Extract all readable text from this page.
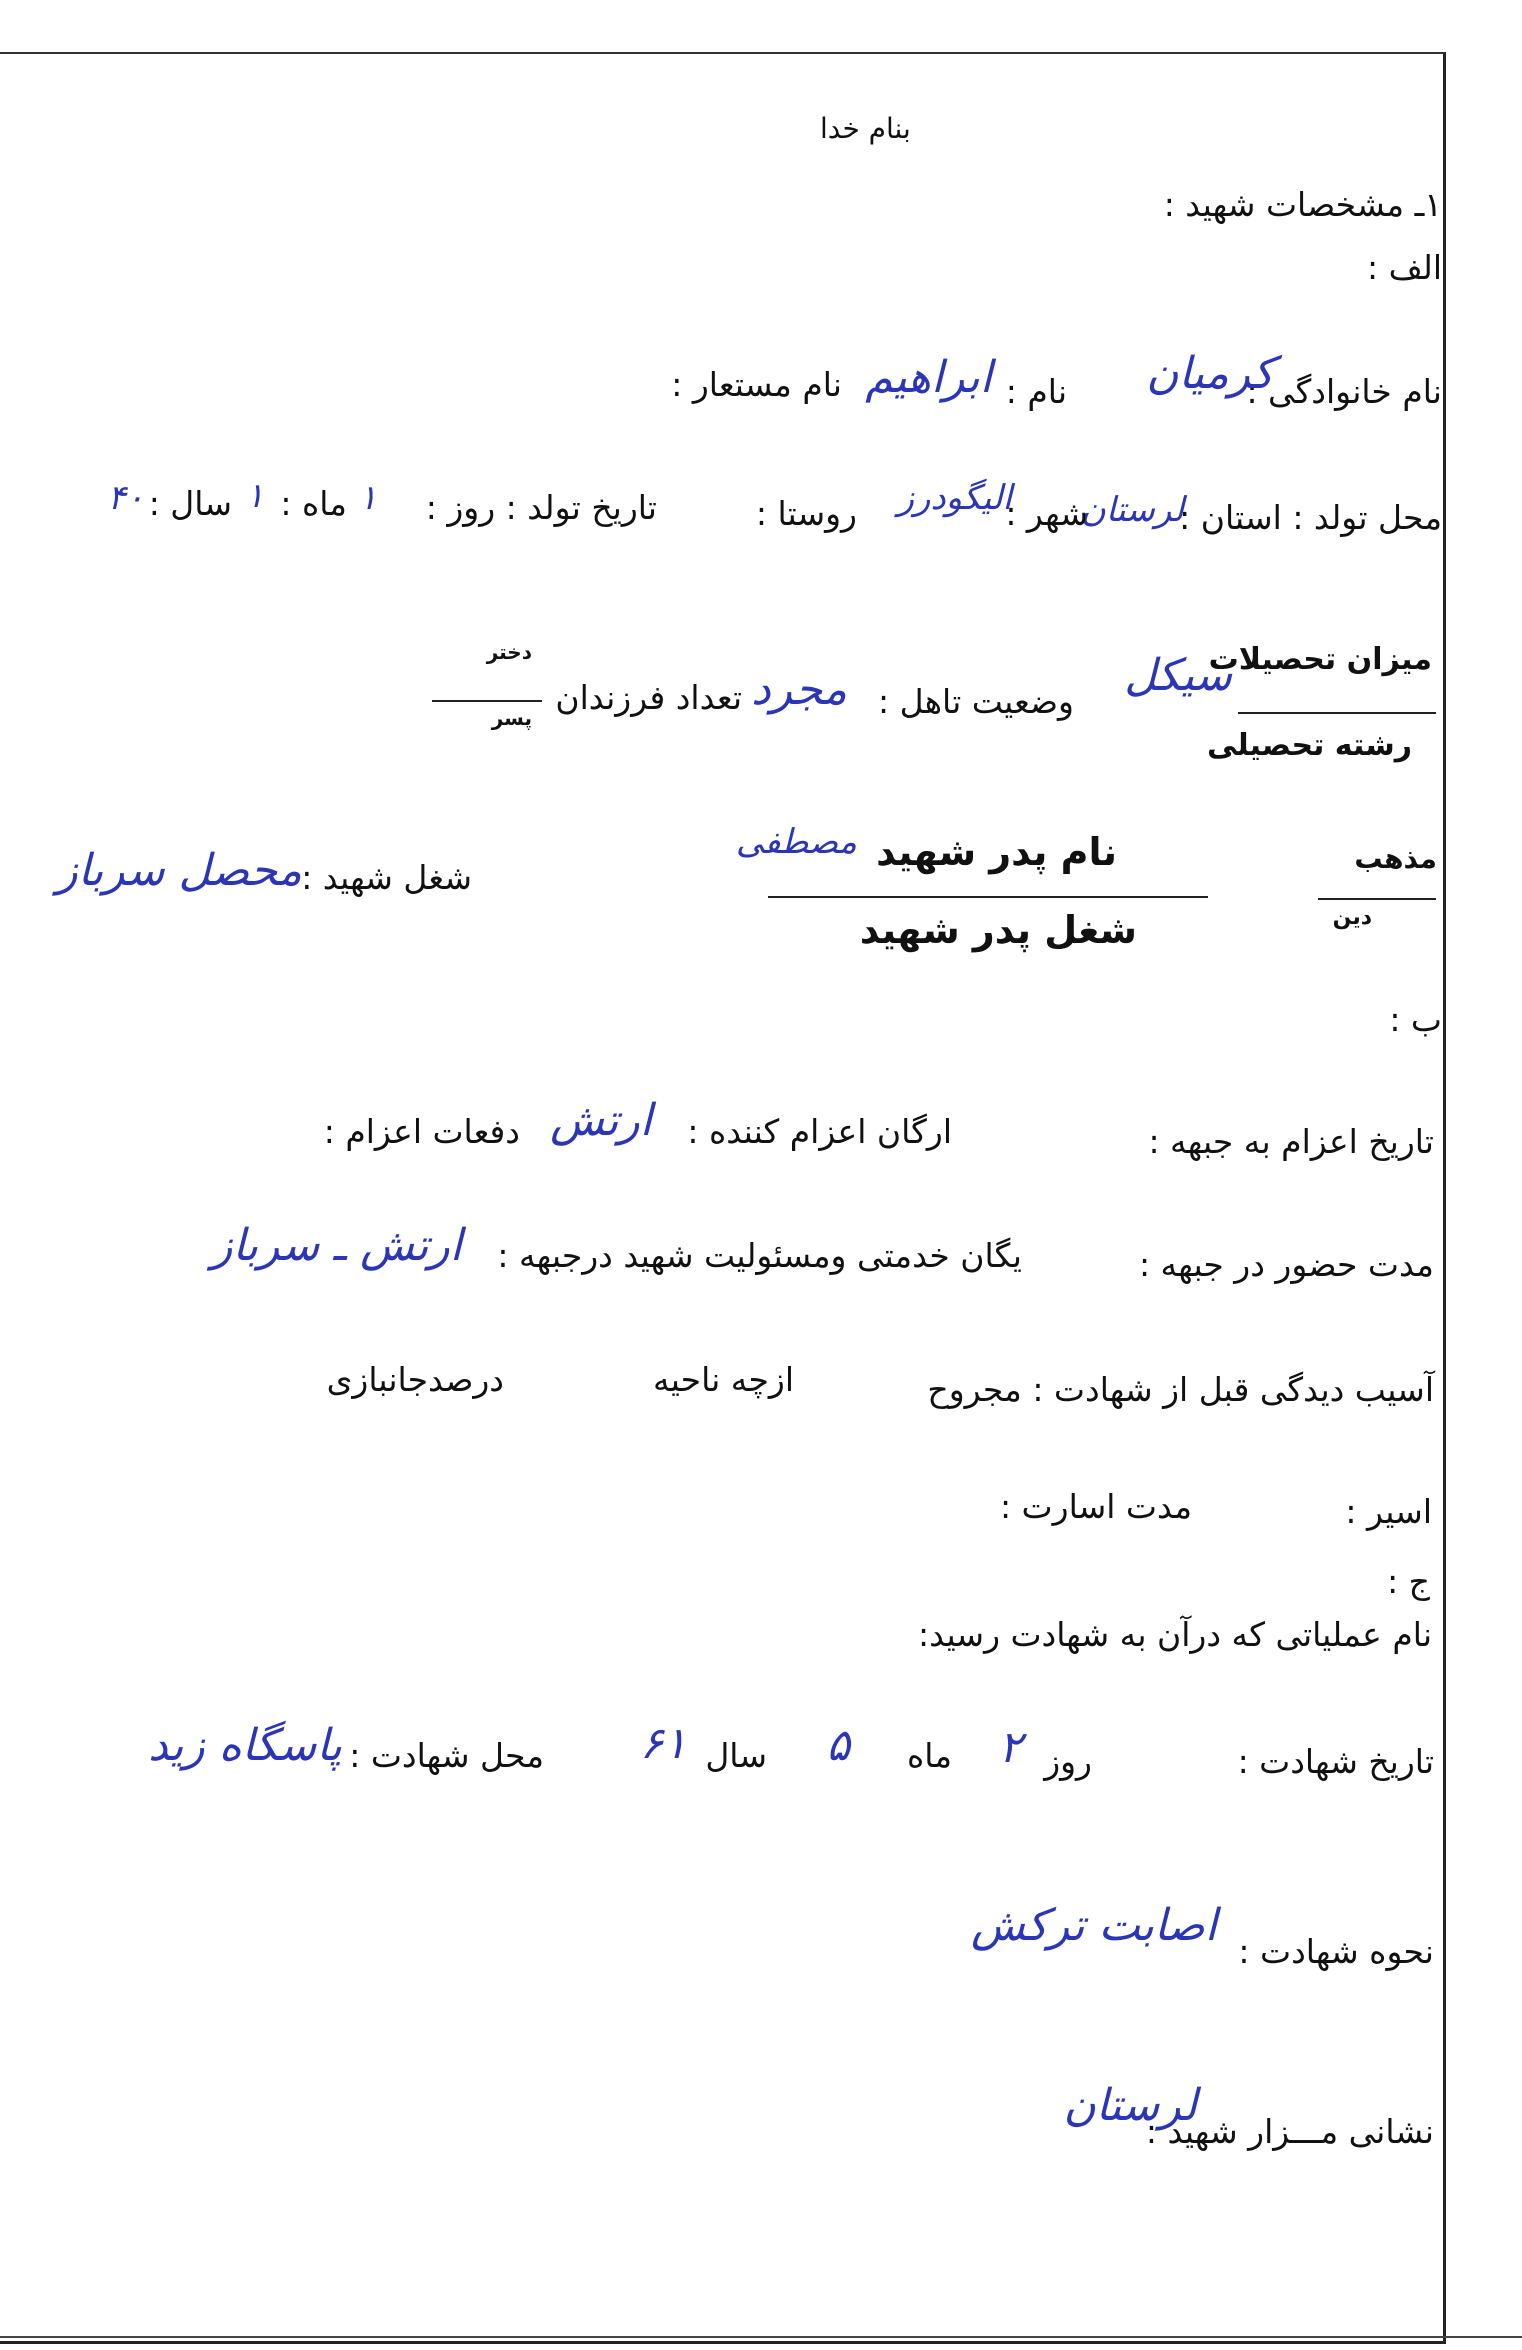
بنام خدا
۱ـ مشخصات شهید :
الف :
نام خانوادگی :
کرمیان
نام :
ابراهیم
نام مستعار :
محل تولد : استان :
لرستان
شهر :
الیگودرز
روستا :
تاریخ تولد : روز :
۱
ماه :
۱
سال :
۴۰
میزان تحصیلات
رشته تحصیلی
سیکل
وضعیت تاهل :
مجرد
تعداد فرزندان
دختر
پسر
مذهب
دین
نام پدر شهید
مصطفی
شغل پدر شهید
شغل شهید :
محصل سرباز
ب :
تاریخ اعزام به جبهه :
ارگان اعزام کننده :
ارتش
دفعات اعزام :
مدت حضور در جبهه :
یگان خدمتی ومسئولیت شهید درجبهه :
ارتش ـ سرباز
آسیب دیدگی قبل از شهادت : مجروح
ازچه ناحیه
درصدجانبازی
اسیر :
مدت اسارت :
ج :
نام عملیاتی که درآن به شهادت رسید:
تاریخ شهادت :
روز
۲
ماه
۵
سال
۶۱
محل شهادت :
پاسگاه زید
نحوه شهادت :
اصابت ترکش
نشانی مـــزار شهید :
لرستان
